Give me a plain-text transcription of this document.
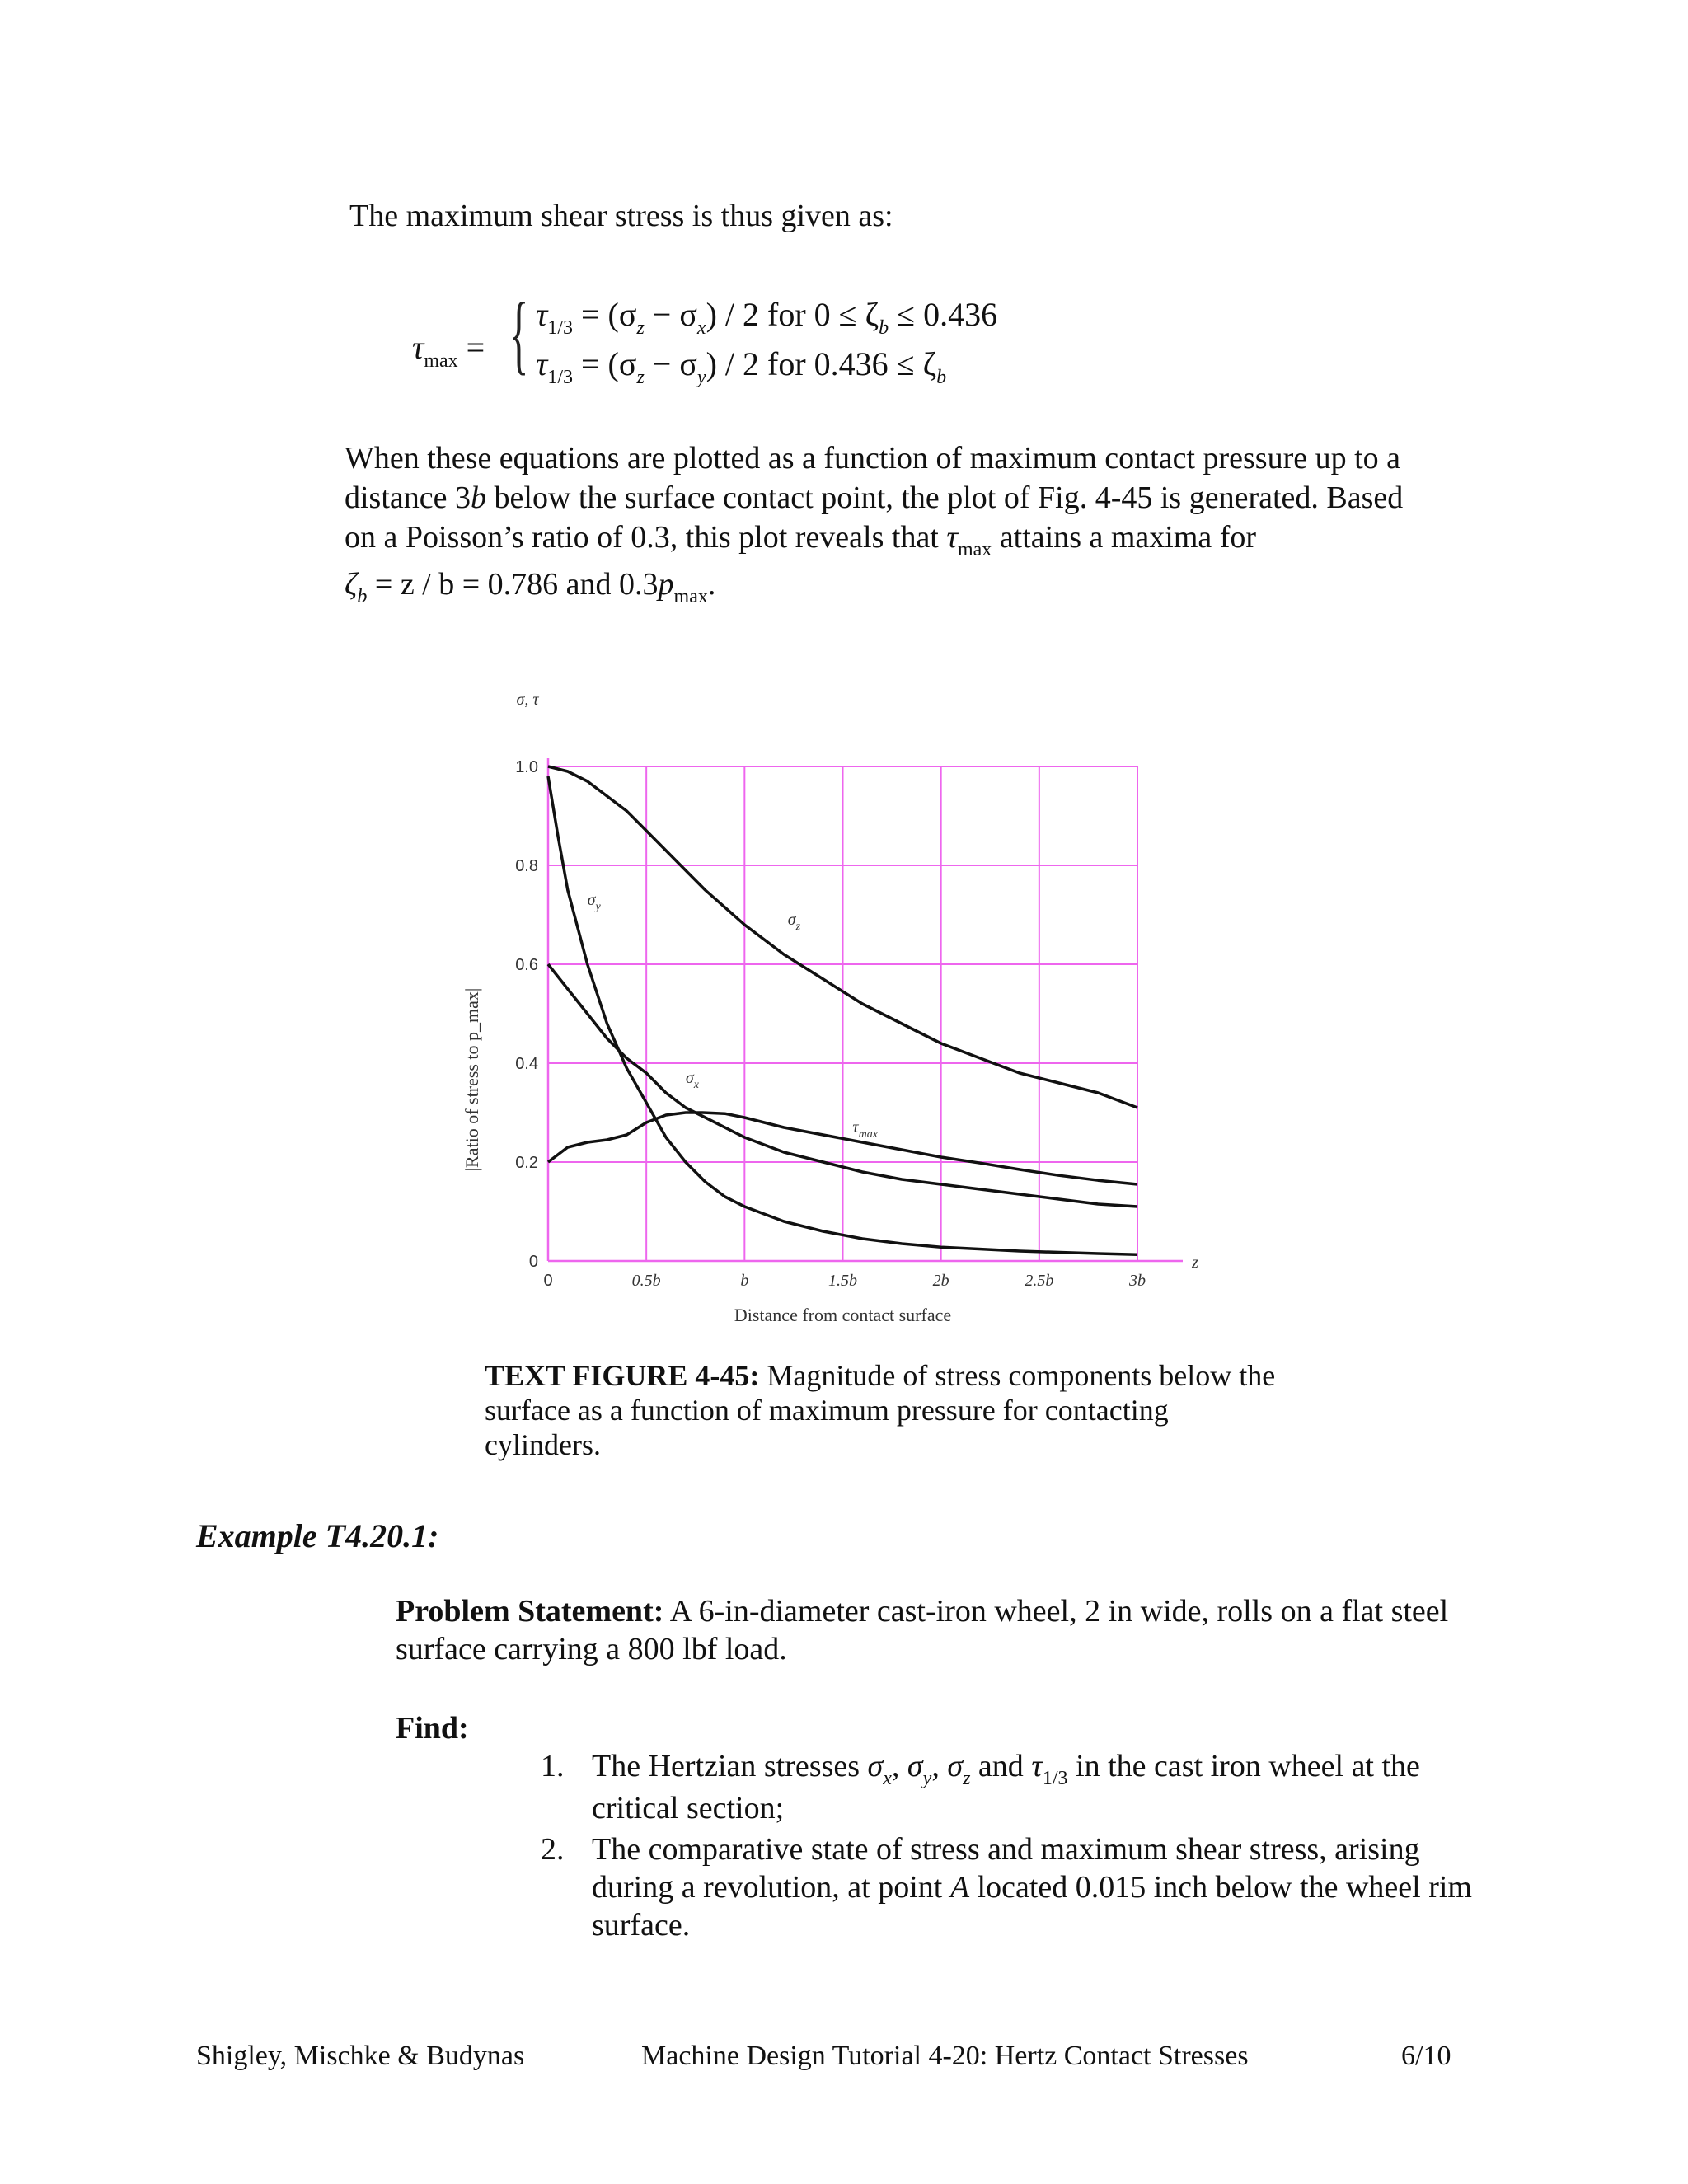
The maximum shear stress is thus given as:
$\tau_{max}$ = { $\tau_{1/3} = (\sigma_z - \sigma_x) / 2$ for $0 \le \zeta_b \le 0.436$
$\tau_{1/3} = (\sigma_z - \sigma_y) / 2$ for $0.436 \le \zeta_b$
When these equations are plotted as a function of maximum contact pressure up to a
distance 3b below the surface contact point, the plot of Fig. 4-45 is generated. Based
on a Poisson’s ratio of 0.3, this plot reveals that $\tau_{max}$ attains a maxima for
$\zeta_b = z / b = 0.786$ and $0.3p_{max}$.
0	0.5b	b	1.5b	2b	2.5b	3b
0
0.2
0.4
0.6
0.8
1.0
σ, τ
Distance from contact surface
z
|Ratio of stress to p_max|
$\sigma_z$
$\sigma_y$
$\sigma_x$
$\tau_{max}$
TEXT FIGURE 4-45: Magnitude of stress components below the surface as a function of maximum pressure for contacting cylinders.
Example T4.20.1:
Problem Statement: A 6-in-diameter cast-iron wheel, 2 in wide, rolls on a flat steel surface carrying a 800 lbf load.
Find:
1. The Hertzian stresses $\sigma_x$, $\sigma_y$, $\sigma_z$ and $\tau_{1/3}$ in the cast iron wheel at the critical section;
2. The comparative state of stress and maximum shear stress, arising during a revolution, at point A located 0.015 inch below the wheel rim surface.
Shigley, Mischke & Budynas	Machine Design Tutorial 4-20: Hertz Contact Stresses	6/10
